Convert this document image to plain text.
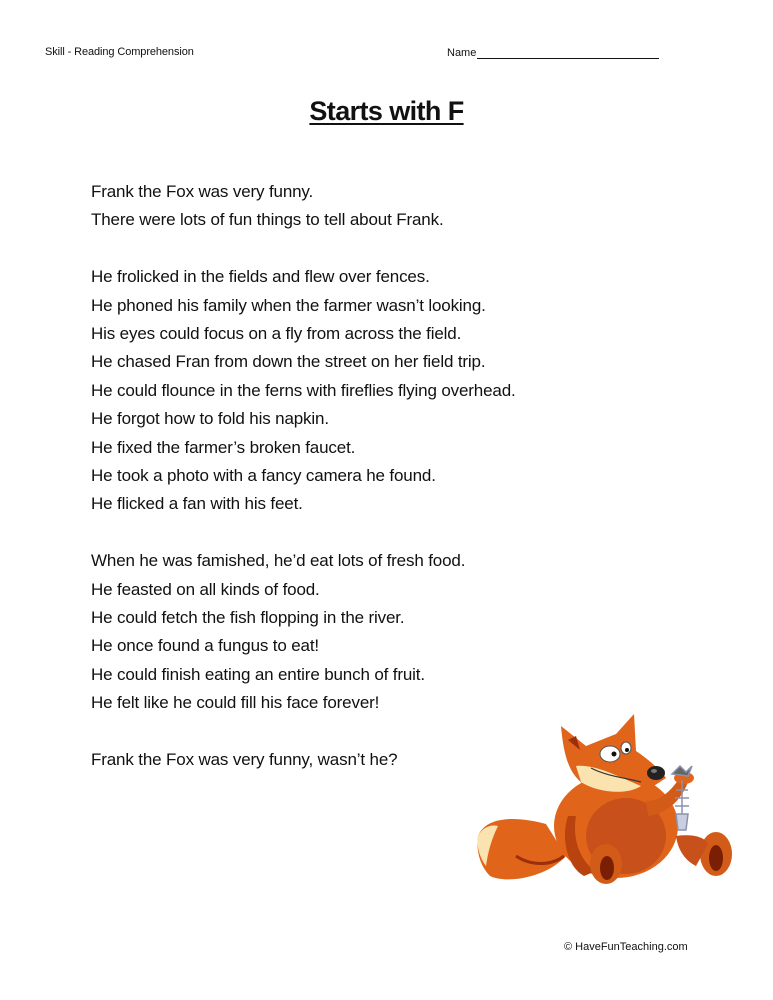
Skill - Reading Comprehension	Name
Starts with F
Frank the Fox was very funny.
There were lots of fun things to tell about Frank.
He frolicked in the fields and flew over fences.
He phoned his family when the farmer wasn’t looking.
His eyes could focus on a fly from across the field.
He chased Fran from down the street on her field trip.
He could flounce in the ferns with fireflies flying overhead.
He forgot how to fold his napkin.
He fixed the farmer’s broken faucet.
He took a photo with a fancy camera he found.
He flicked a fan with his feet.
When he was famished, he’d eat lots of fresh food.
He feasted on all kinds of food.
He could fetch the fish flopping in the river.
He once found a fungus to eat!
He could finish eating an entire bunch of fruit.
He felt like he could fill his face forever!
Frank the Fox was very funny, wasn’t he?
© HaveFunTeaching.com
